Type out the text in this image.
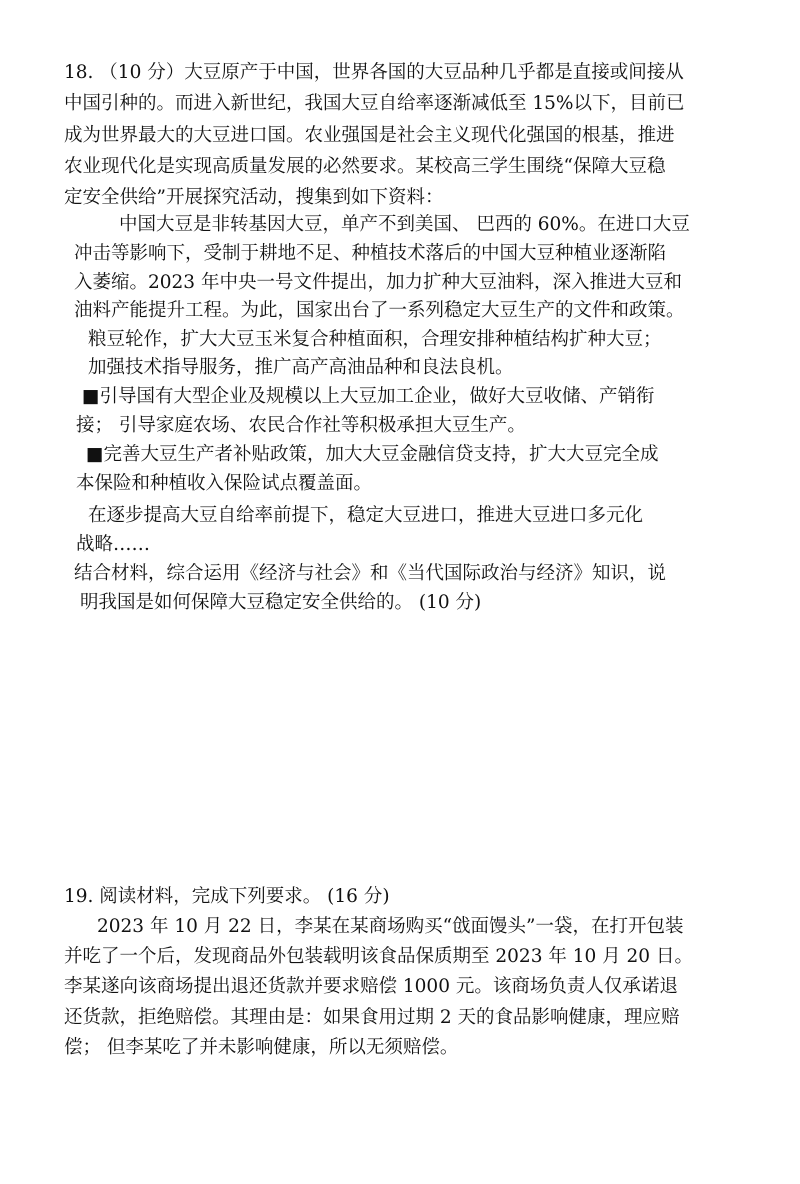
18. （10 分）大豆原产于中国，世界各国的大豆品种几乎都是直接或间接从
中国引种的。而进入新世纪，我国大豆自给率逐渐减低至 15%以下，目前已
成为世界最大的大豆进口国。农业强国是社会主义现代化强国的根基，推进
农业现代化是实现高质量发展的必然要求。某校高三学生围绕“保障大豆稳
定安全供给”开展探究活动，搜集到如下资料：
中国大豆是非转基因大豆，单产不到美国、 巴西的 60%。在进口大豆
冲击等影响下，受制于耕地不足、种植技术落后的中国大豆种植业逐渐陷
入萎缩。2023 年中央一号文件提出，加力扩种大豆油料，深入推进大豆和
油料产能提升工程。为此，国家出台了一系列稳定大豆生产的文件和政策。
粮豆轮作，扩大大豆玉米复合种植面积，合理安排种植结构扩种大豆；
加强技术指导服务，推广高产高油品种和良法良机。
■引导国有大型企业及规模以上大豆加工企业，做好大豆收储、产销衔
接； 引导家庭农场、农民合作社等积极承担大豆生产。
■完善大豆生产者补贴政策，加大大豆金融信贷支持，扩大大豆完全成
本保险和种植收入保险试点覆盖面。
在逐步提高大豆自给率前提下，稳定大豆进口，推进大豆进口多元化
战略……
结合材料，综合运用《经济与社会》和《当代国际政治与经济》知识，说
明我国是如何保障大豆稳定安全供给的。 (10 分)
19. 阅读材料，完成下列要求。 (16 分)
2023 年 10 月 22 日，李某在某商场购买“戗面馒头”一袋，在打开包装
并吃了一个后，发现商品外包装载明该食品保质期至 2023 年 10 月 20 日。
李某遂向该商场提出退还货款并要求赔偿 1000 元。该商场负责人仅承诺退
还货款，拒绝赔偿。其理由是：如果食用过期 2 天的食品影响健康，理应赔
偿； 但李某吃了并未影响健康，所以无须赔偿。
